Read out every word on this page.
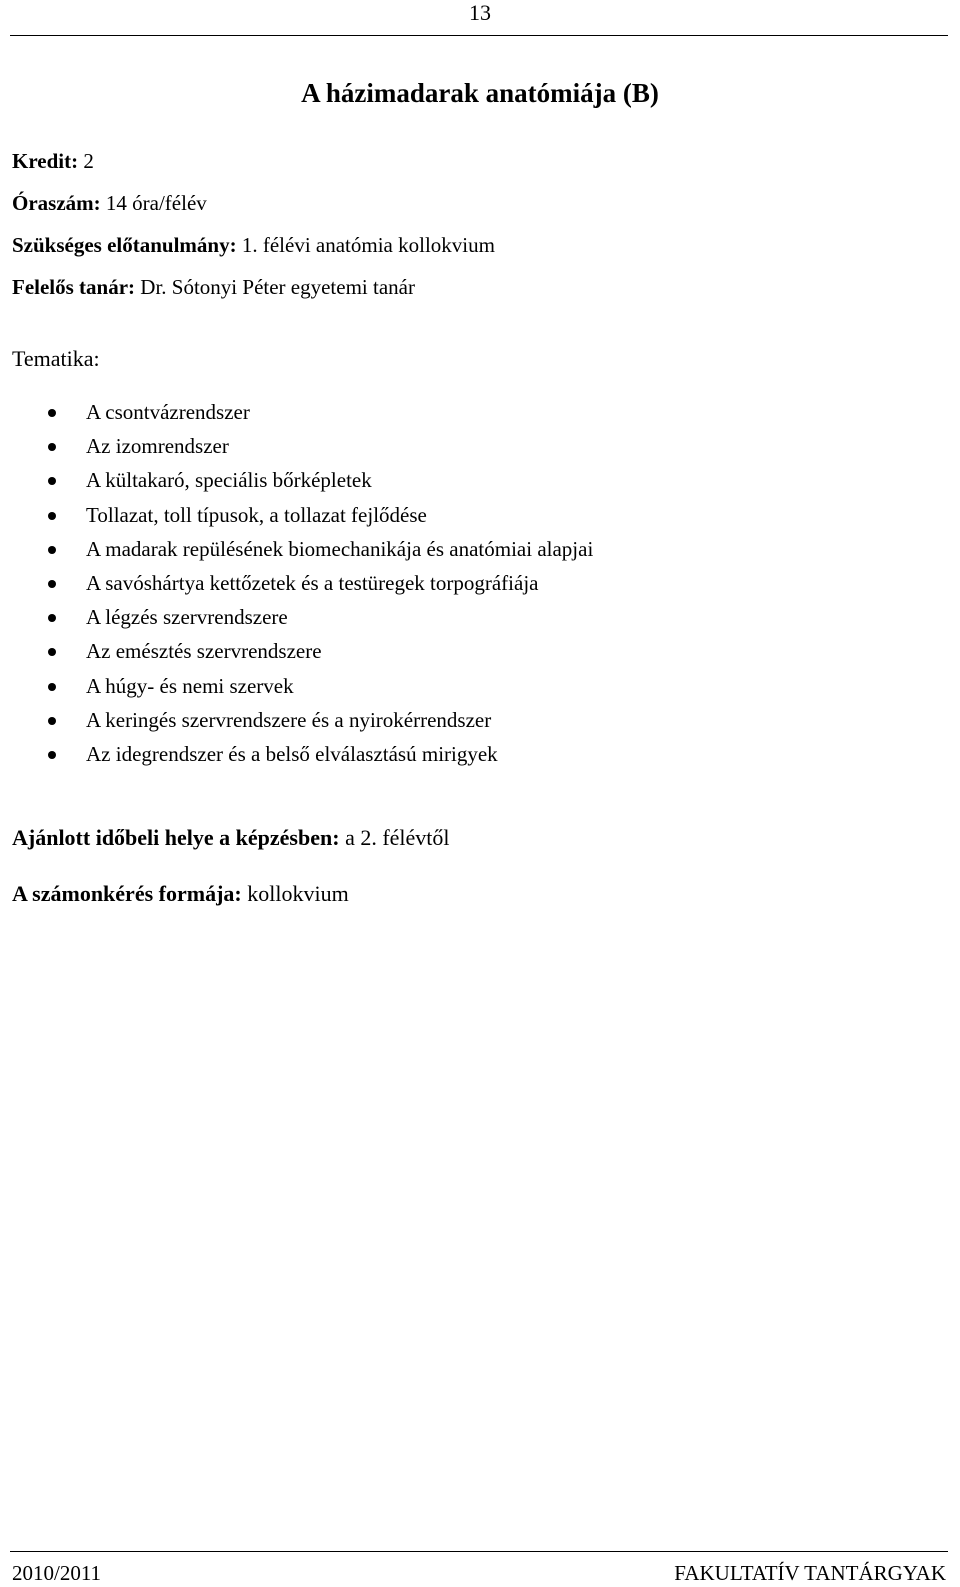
13
A házimadarak anatómiája (B)
Kredit: 2
Óraszám: 14 óra/félév
Szükséges előtanulmány: 1. félévi anatómia kollokvium
Felelős tanár: Dr. Sótonyi Péter egyetemi tanár
Tematika:
A csontvázrendszer
Az izomrendszer
A kültakaró, speciális bőrképletek
Tollazat, toll típusok, a tollazat fejlődése
A madarak repülésének biomechanikája és anatómiai alapjai
A savóshártya kettőzetek és a testüregek torpográfiája
A légzés szervrendszere
Az emésztés szervrendszere
A húgy- és nemi szervek
A keringés szervrendszere és a nyirokérrendszer
Az idegrendszer és a belső elválasztású mirigyek
Ajánlott időbeli helye a képzésben: a 2. félévtől
A számonkérés formája: kollokvium
2010/2011	FAKULTATÍV TANTÁRGYAK
